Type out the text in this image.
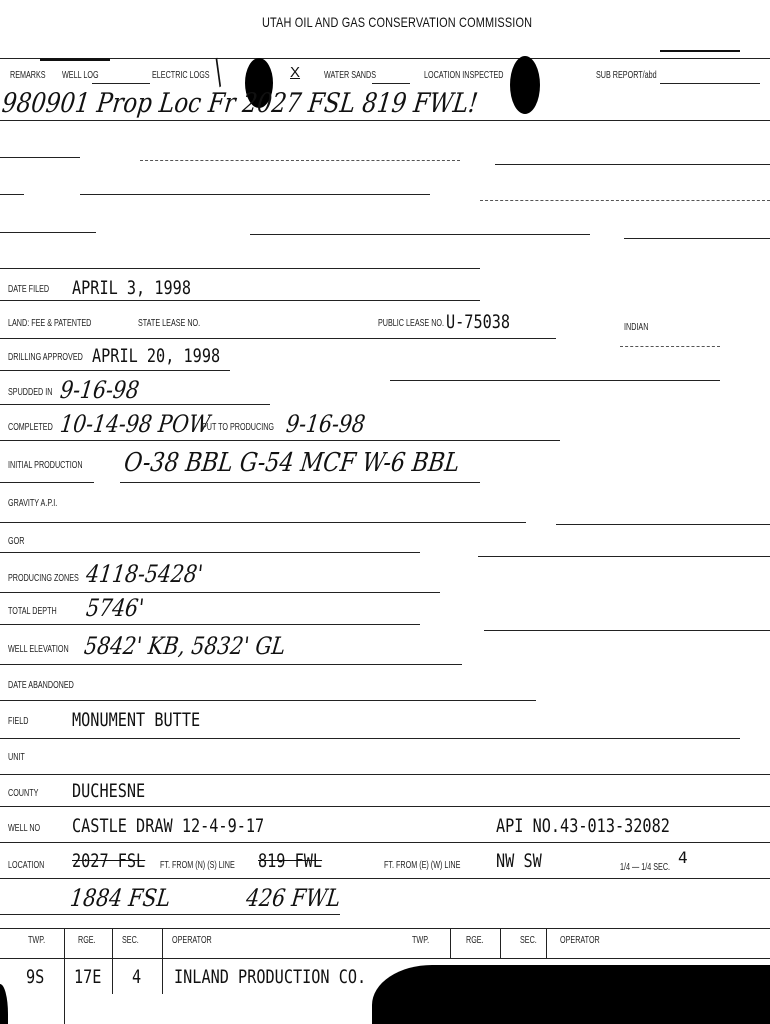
UTAH OIL AND GAS CONSERVATION COMMISSION
REMARKS WELL LOG	ELECTRIC LOGS
╱	X WATER SANDS	LOCATION INSPECTED	SUB REPORT/abd
980901 Prop Loc Fr 2027 FSL 819 FWL!
DATE FILED APRIL 3, 1998
LAND: FEE & PATENTED	STATE LEASE NO.	PUBLIC LEASE NO. U-75038	INDIAN
DRILLING APPROVED APRIL 20, 1998
SPUDDED IN 9-16-98
COMPLETED 10-14-98 POW
PUT TO PRODUCING 9-16-98
INITIAL PRODUCTION O-38 BBL G-54 MCF W-6 BBL
GRAVITY A.P.I.
GOR
PRODUCING ZONES 4118-5428'
TOTAL DEPTH 5746'
WELL ELEVATION 5842' KB, 5832' GL
DATE ABANDONED
FIELD MONUMENT BUTTE
UNIT
COUNTY DUCHESNE
WELL NO CASTLE DRAW 12-4-9-17	API NO.43-013-32082
LOCATION 2027 FSL FT. FROM (N) (S) LINE 819 FWL	FT. FROM (E) (W) LINE NW SW	1/4 — 1/4 SEC.
4
1884 FSL	426 FWL
TWP.	RGE.	SEC.	OPERATOR	TWP.	RGE.	SEC. OPERATOR
9S 17E 4 INLAND PRODUCTION CO.
